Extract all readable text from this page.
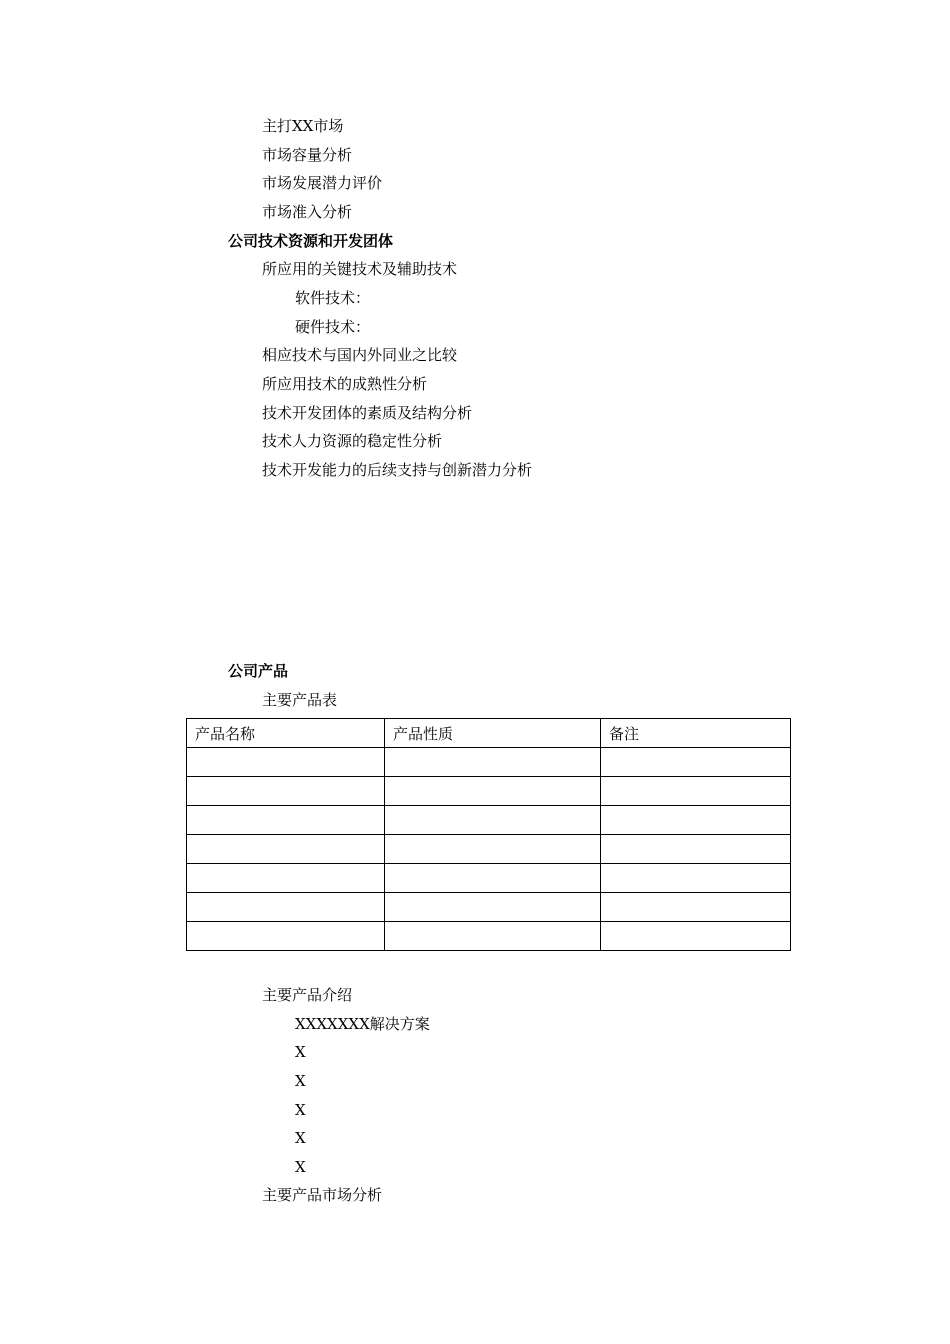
主打XX市场
市场容量分析
市场发展潜力评价
市场准入分析
公司技术资源和开发团体
所应用的关键技术及辅助技术
软件技术：
硬件技术：
相应技术与国内外同业之比较
所应用技术的成熟性分析
技术开发团体的素质及结构分析
技术人力资源的稳定性分析
技术开发能力的后续支持与创新潜力分析
公司产品
主要产品表
产品名称	产品性质	备注

主要产品介绍
XXXXXXX解决方案
X
X
X
X
X
主要产品市场分析
